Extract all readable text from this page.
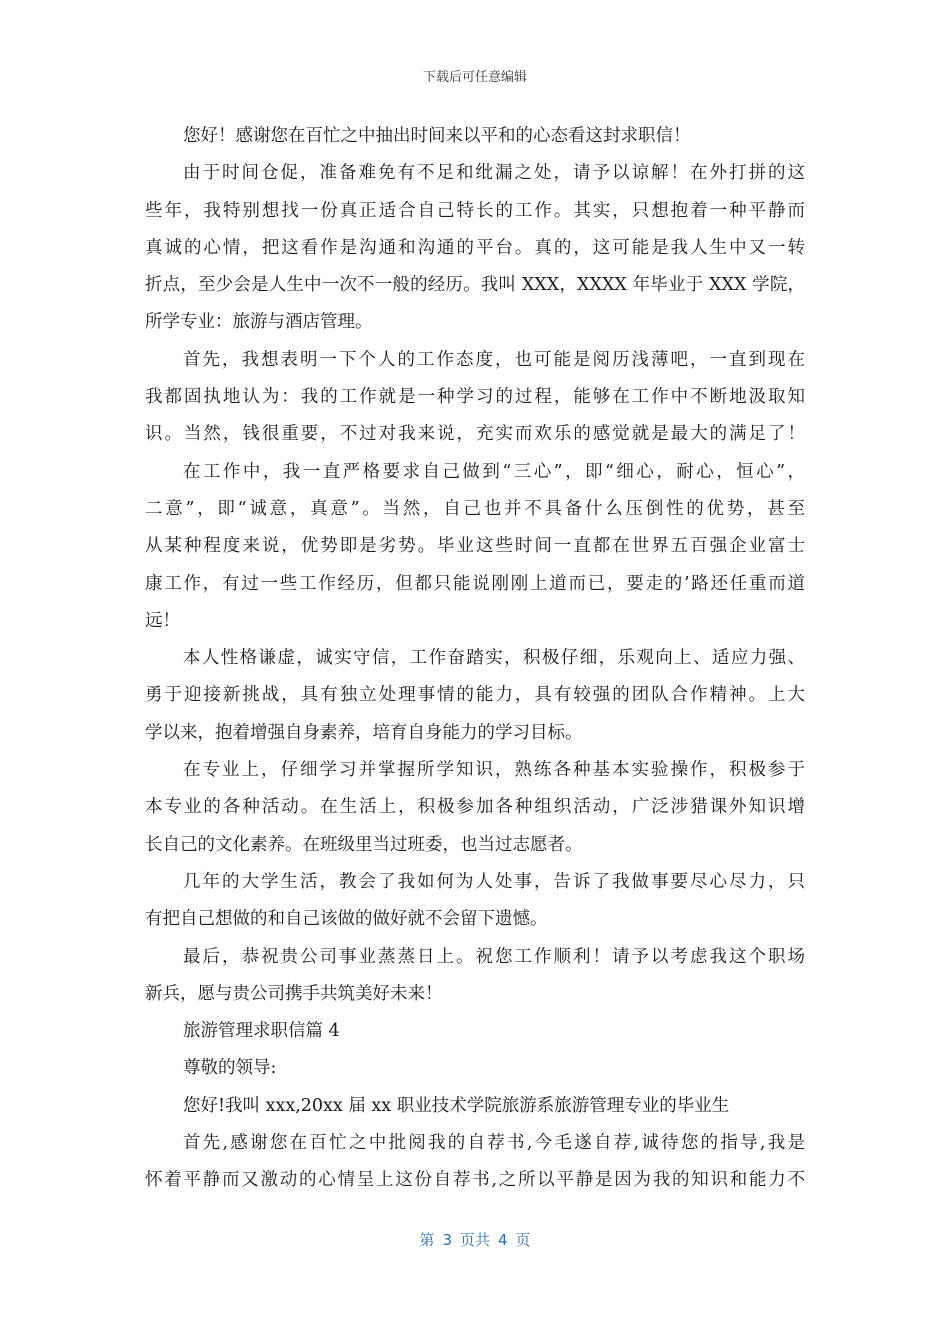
下载后可任意编辑
您好！感谢您在百忙之中抽出时间来以平和的心态看这封求职信！
由于时间仓促，准备难免有不足和纰漏之处，请予以谅解！在外打拼的这
些年，我特别想找一份真正适合自己特长的工作。其实，只想抱着一种平静而
真诚的心情，把这看作是沟通和沟通的平台。真的，这可能是我人生中又一转
折点，至少会是人生中一次不一般的经历。我叫 XXX，XXXX 年毕业于 XXX 学院，
所学专业：旅游与酒店管理。
首先，我想表明一下个人的工作态度，也可能是阅历浅薄吧，一直到现在
我都固执地认为：我的工作就是一种学习的过程，能够在工作中不断地汲取知
识。当然，钱很重要，不过对我来说，充实而欢乐的感觉就是最大的满足了！
在工作中，我一直严格要求自己做到“三心”，即“细心，耐心，恒心”，
二意”，即“诚意，真意”。当然，自己也并不具备什么压倒性的优势，甚至
从某种程度来说，优势即是劣势。毕业这些时间一直都在世界五百强企业富士
康工作，有过一些工作经历，但都只能说刚刚上道而已，要走的’路还任重而道
远！
本人性格谦虚，诚实守信，工作奋踏实，积极仔细，乐观向上、适应力强、
勇于迎接新挑战，具有独立处理事情的能力，具有较强的团队合作精神。上大
学以来，抱着增强自身素养，培育自身能力的学习目标。
在专业上，仔细学习并掌握所学知识，熟练各种基本实验操作，积极参于
本专业的各种活动。在生活上，积极参加各种组织活动，广泛涉猎课外知识增
长自己的文化素养。在班级里当过班委，也当过志愿者。
几年的大学生活，教会了我如何为人处事，告诉了我做事要尽心尽力，只
有把自己想做的和自己该做的做好就不会留下遗憾。
最后，恭祝贵公司事业蒸蒸日上。祝您工作顺利！请予以考虑我这个职场
新兵，愿与贵公司携手共筑美好未来！
旅游管理求职信篇 4
尊敬的领导:
您好!我叫 xxx,20xx 届 xx 职业技术学院旅游系旅游管理专业的毕业生
首先,感谢您在百忙之中批阅我的自荐书,今毛遂自荐,诚待您的指导,我是
怀着平静而又激动的心情呈上这份自荐书,之所以平静是因为我的知识和能力不
第 3 页共 4 页
